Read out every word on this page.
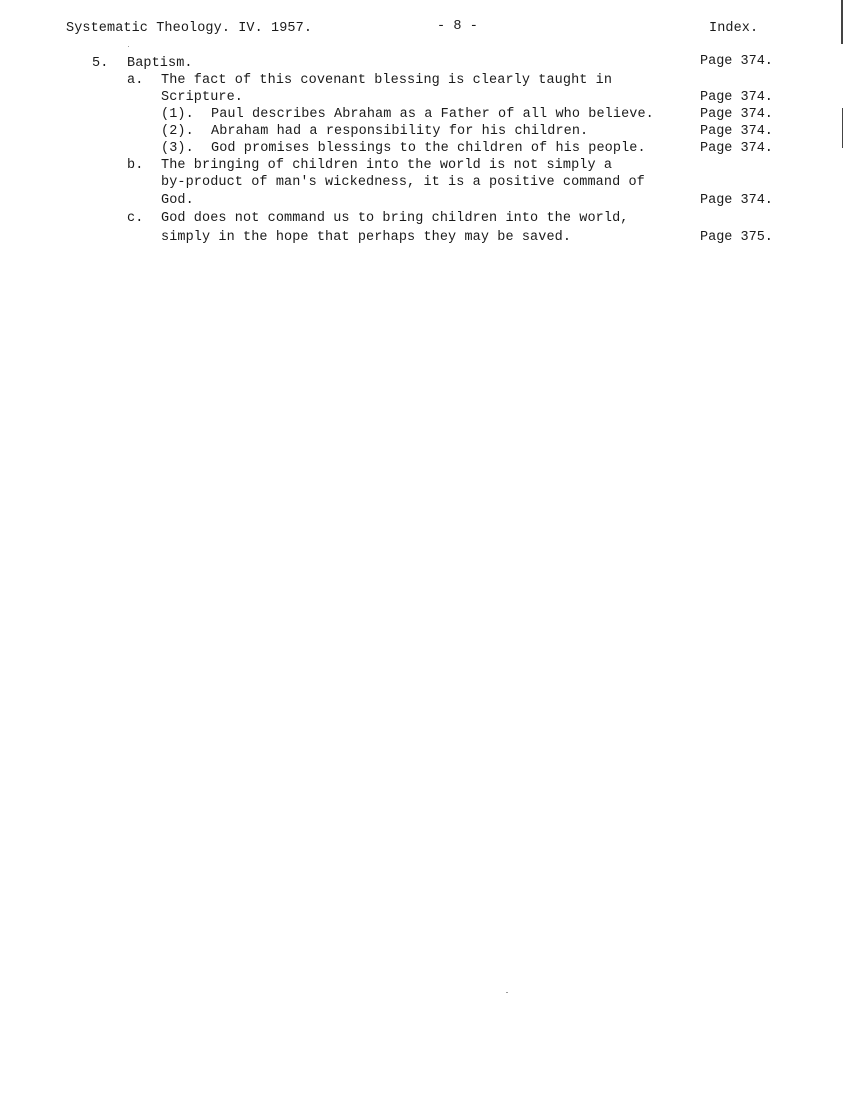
Systematic Theology. IV. 1957.	- 8 -	Index.
5. Baptism.	Page 374.
a. The fact of this covenant blessing is clearly taught in
Scripture.	Page 374.
(1). Paul describes Abraham as a Father of all who believe.	Page 374.
(2). Abraham had a responsibility for his children.	Page 374.
(3). God promises blessings to the children of his people.	Page 374.
b. The bringing of children into the world is not simply a
by-product of man's wickedness, it is a positive command of
God.	Page 374.
c. God does not command us to bring children into the world,
simply in the hope that perhaps they may be saved.	Page 375.
